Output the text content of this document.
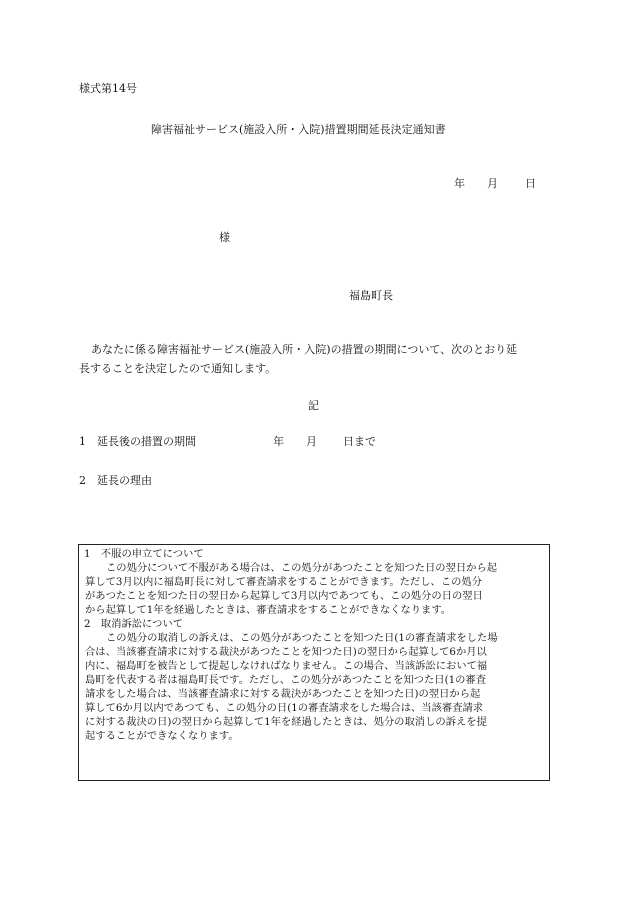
様式第14号
障害福祉サービス(施設入所・入院)措置期間延長決定通知書
年 月 日
様
福島町長
あなたに係る障害福祉サービス(施設入所・入院)の措置の期間について、次のとおり延
長することを決定したので通知します。
記
1　延長後の措置の期間	年 月 日まで
2　延長の理由
1　不服の申立てについて
この処分について不服がある場合は、この処分があつたことを知つた日の翌日から起
算して3月以内に福島町長に対して審査請求をすることができます。ただし、この処分
があつたことを知つた日の翌日から起算して3月以内であつても、この処分の日の翌日
から起算して1年を経過したときは、審査請求をすることができなくなります。
2　取消訴訟について
この処分の取消しの訴えは、この処分があつたことを知つた日(1の審査請求をした場
合は、当該審査請求に対する裁決があつたことを知つた日)の翌日から起算して6か月以
内に、福島町を被告として提起しなければなりません。この場合、当該訴訟において福
島町を代表する者は福島町長です。ただし、この処分があつたことを知つた日(1の審査
請求をした場合は、当該審査請求に対する裁決があつたことを知つた日)の翌日から起
算して6か月以内であつても、この処分の日(1の審査請求をした場合は、当該審査請求
に対する裁決の日)の翌日から起算して1年を経過したときは、処分の取消しの訴えを提
起することができなくなります。
